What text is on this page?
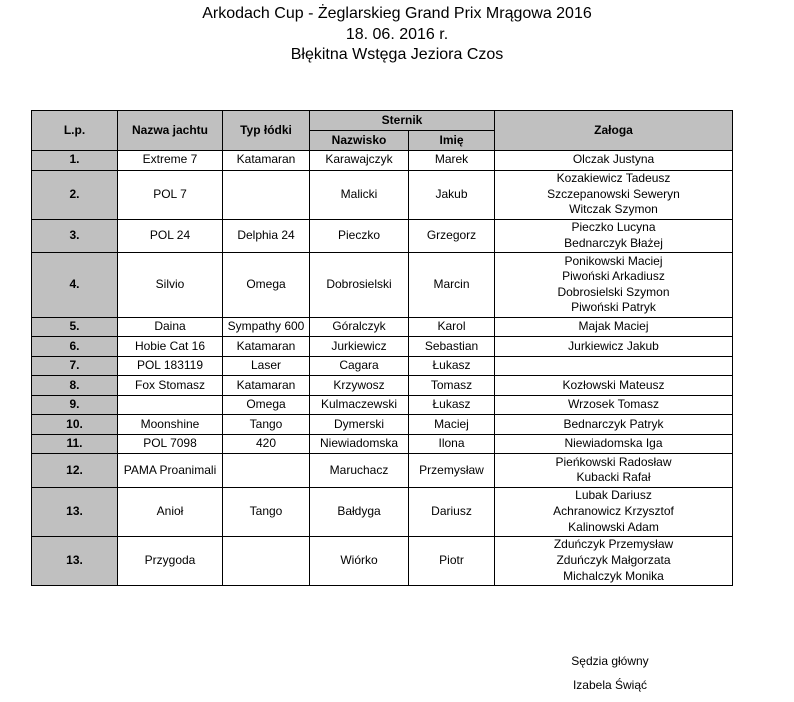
Arkodach Cup - Żeglarskieg Grand Prix Mrągowa 2016
18. 06. 2016 r.
Błękitna Wstęga Jeziora Czos
L.p.	Nazwa jachtu	Typ łódki	Sternik		Załoga
			Nazwisko	Imię	
1.	Extreme 7	Katamaran	Karawajczyk	Marek	Olczak Justyna

2.	POL 7		Malicki	Jakub	Kozakiewicz Tadeusz
Szczepanowski Seweryn
Witczak Szymon

3.	POL 24	Delphia 24	Pieczko	Grzegorz	Pieczko Lucyna
Bednarczyk Błażej

4.	Silvio	Omega	Dobrosielski	Marcin	Ponikowski Maciej
Piwoński Arkadiusz
Dobrosielski Szymon
Piwoński Patryk

5.	Daina	Sympathy 600	Góralczyk	Karol	Majak Maciej

6.	Hobie Cat 16	Katamaran	Jurkiewicz	Sebastian	Jurkiewicz Jakub

7.	POL 183119	Laser	Cagara	Łukasz	
8.	Fox Stomasz	Katamaran	Krzywosz	Tomasz	Kozłowski Mateusz

9.		Omega	Kulmaczewski	Łukasz	Wrzosek Tomasz

10.	Moonshine	Tango	Dymerski	Maciej	Bednarczyk Patryk

11.	POL 7098	420	Niewiadomska	Ilona	Niewiadomska Iga

12.	PAMA Proanimali		Maruchacz	Przemysław	Pieńkowski Radosław
Kubacki Rafał

13.	Anioł	Tango	Bałdyga	Dariusz	Lubak Dariusz
Achranowicz Krzysztof
Kalinowski Adam

13.	Przygoda		Wiórko	Piotr	Zduńczyk Przemysław
Zduńczyk Małgorzata
Michalczyk Monika
Sędzia główny
Izabela Świąć
